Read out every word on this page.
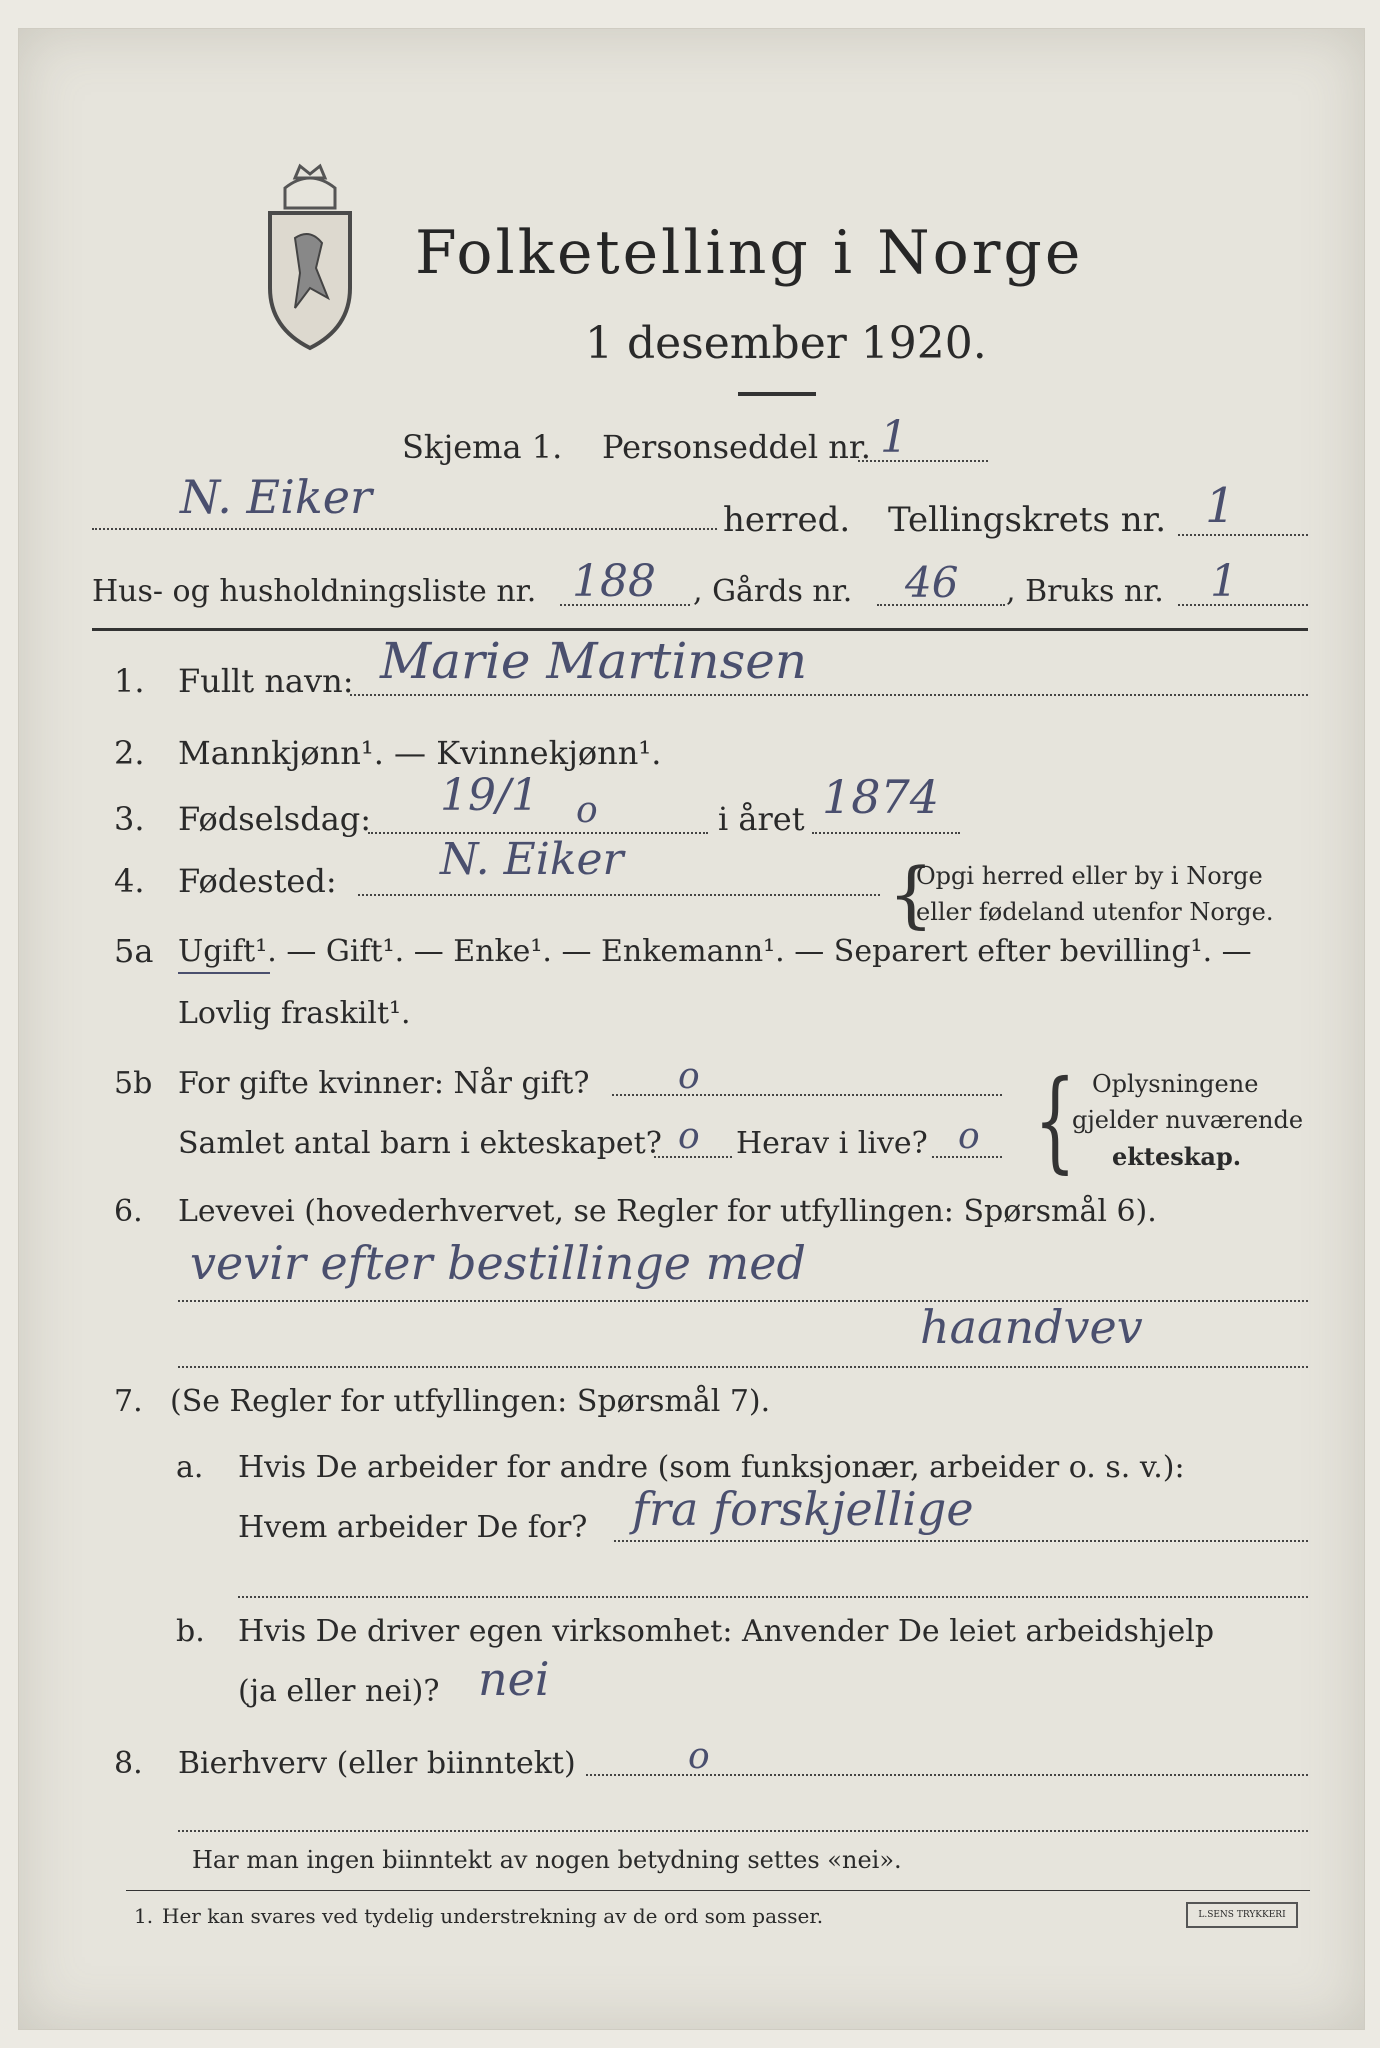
Folketelling i Norge
1 desember 1920.
Skjema 1. Personseddel nr. 1
N. Eiker	herred. Tellingskrets nr. 1
Hus- og husholdningsliste nr. 188 , Gårds nr. 46 , Bruks nr. 1
1. Fullt navn: Marie Martinsen
2. Mannkjønn¹. — Kvinnekjønn¹.
3. Fødselsdag: 19/1 o	i året 1874
4. Fødested: N. Eiker	{
Opgi herred eller by i Norge
eller fødeland utenfor Norge.
5a Ugift¹. — Gift¹. — Enke¹. — Enkemann¹. — Separert efter bevilling¹. —
Lovlig fraskilt¹.
5b For gifte kvinner: Når gift? o
Samlet antal barn i ekteskapet? o Herav i live? o { Oplysningene
gjelder nuværende
ekteskap.
6. Levevei (hovederhvervet, se Regler for utfyllingen: Spørsmål 6).
vevir efter bestillinge med
haandvev
7. (Se Regler for utfyllingen: Spørsmål 7).
a. Hvis De arbeider for andre (som funksjonær, arbeider o. s. v.):
Hvem arbeider De for? fra forskjellige
b. Hvis De driver egen virksomhet: Anvender De leiet arbeidshjelp
(ja eller nei)? nei
8. Bierhverv (eller biinntekt)	o
Har man ingen biinntekt av nogen betydning settes «nei».
1. Her kan svares ved tydelig understrekning av de ord som passer.	L.SENS TRYKKERI
